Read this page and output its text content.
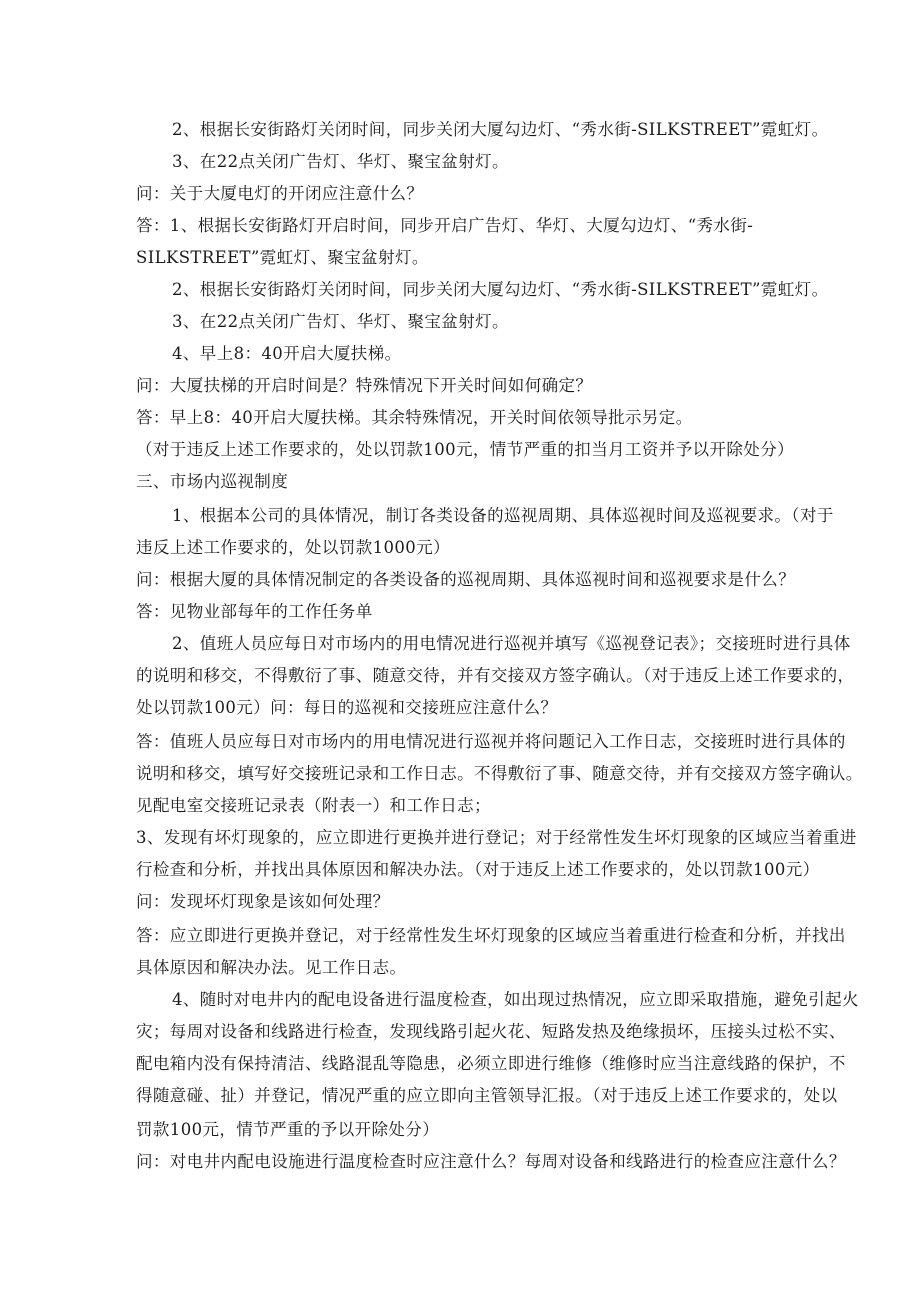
2、根据长安街路灯关闭时间，同步关闭大厦勾边灯、“秀水街-SILKSTREET”霓虹灯。
3、在22点关闭广告灯、华灯、聚宝盆射灯。
问：关于大厦电灯的开闭应注意什么？
答：1、根据长安街路灯开启时间，同步开启广告灯、华灯、大厦勾边灯、“秀水街-
SILKSTREET”霓虹灯、聚宝盆射灯。
2、根据长安街路灯关闭时间，同步关闭大厦勾边灯、“秀水街-SILKSTREET”霓虹灯。
3、在22点关闭广告灯、华灯、聚宝盆射灯。
4、早上8：40开启大厦扶梯。
问：大厦扶梯的开启时间是？特殊情况下开关时间如何确定？
答：早上8：40开启大厦扶梯。其余特殊情况，开关时间依领导批示另定。
（对于违反上述工作要求的，处以罚款100元，情节严重的扣当月工资并予以开除处分）
三、市场内巡视制度
1、根据本公司的具体情况，制订各类设备的巡视周期、具体巡视时间及巡视要求。（对于
违反上述工作要求的，处以罚款1000元）
问：根据大厦的具体情况制定的各类设备的巡视周期、具体巡视时间和巡视要求是什么？
答：见物业部每年的工作任务单
2、值班人员应每日对市场内的用电情况进行巡视并填写《巡视登记表》；交接班时进行具体
的说明和移交，不得敷衍了事、随意交待，并有交接双方签字确认。（对于违反上述工作要求的，
处以罚款100元）问：每日的巡视和交接班应注意什么？
答：值班人员应每日对市场内的用电情况进行巡视并将问题记入工作日志，交接班时进行具体的
说明和移交，填写好交接班记录和工作日志。不得敷衍了事、随意交待，并有交接双方签字确认。
见配电室交接班记录表（附表一）和工作日志；
3、发现有坏灯现象的，应立即进行更换并进行登记；对于经常性发生坏灯现象的区域应当着重进
行检查和分析，并找出具体原因和解决办法。（对于违反上述工作要求的，处以罚款100元）
问：发现坏灯现象是该如何处理？
答：应立即进行更换并登记，对于经常性发生坏灯现象的区域应当着重进行检查和分析，并找出
具体原因和解决办法。见工作日志。
4、随时对电井内的配电设备进行温度检查，如出现过热情况，应立即采取措施，避免引起火
灾；每周对设备和线路进行检查，发现线路引起火花、短路发热及绝缘损坏，压接头过松不实、
配电箱内没有保持清洁、线路混乱等隐患，必须立即进行维修（维修时应当注意线路的保护，不
得随意碰、扯）并登记，情况严重的应立即向主管领导汇报。（对于违反上述工作要求的，处以
罚款100元，情节严重的予以开除处分）
问：对电井内配电设施进行温度检查时应注意什么？每周对设备和线路进行的检查应注意什么？
